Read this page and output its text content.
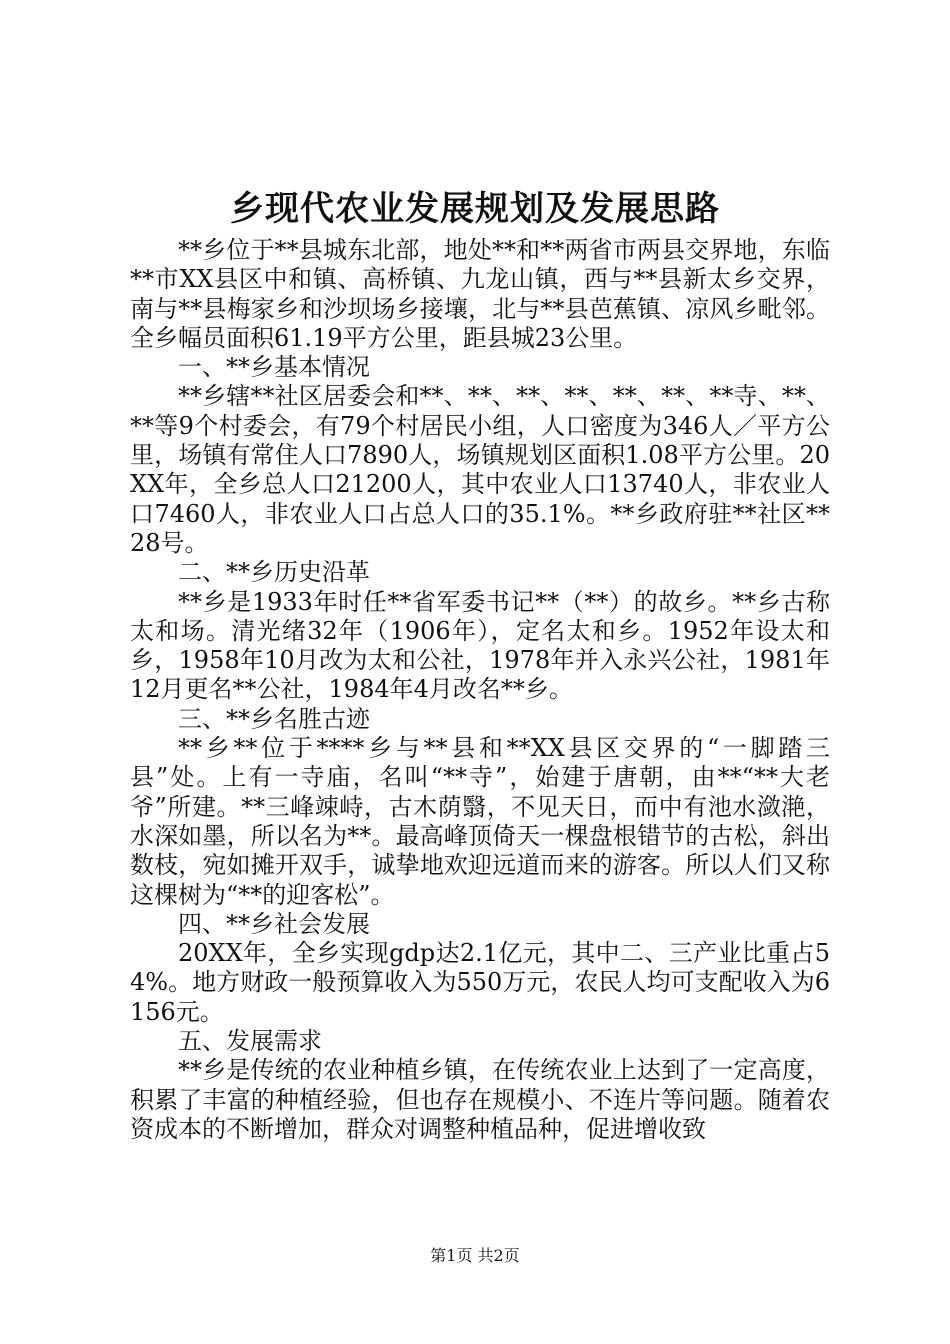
乡现代农业发展规划及发展思路

**乡位于**县城东北部，地处**和**两省市两县交界地，东临**市XX县区中和镇、高桥镇、九龙山镇，西与**县新太乡交界，南与**县梅家乡和沙坝场乡接壤，北与**县芭蕉镇、凉风乡毗邻。全乡幅员面积61.19平方公里，距县城23公里。

一、**乡基本情况

**乡辖**社区居委会和**、**、**、**、**、**、**寺、**、**等9个村委会，有79个村居民小组，人口密度为346人／平方公里，场镇有常住人口7890人，场镇规划区面积1.08平方公里。20XX年，全乡总人口21200人，其中农业人口13740人，非农业人口7460人，非农业人口占总人口的35.1%。**乡政府驻**社区**28号。

二、**乡历史沿革

**乡是1933年时任**省军委书记**（**）的故乡。**乡古称太和场。清光绪32年（1906年），定名太和乡。1952年设太和乡，1958年10月改为太和公社，1978年并入永兴公社，1981年12月更名**公社，1984年4月改名**乡。

三、**乡名胜古迹

**乡**位于****乡与**县和**XX县区交界的“一脚踏三县”处。上有一寺庙，名叫“**寺”，始建于唐朝，由**“**大老爷”所建。**三峰竦峙，古木荫翳，不见天日，而中有池水潋滟，水深如墨，所以名为**。最高峰顶倚天一棵盘根错节的古松，斜出数枝，宛如摊开双手，诚挚地欢迎远道而来的游客。所以人们又称这棵树为“**的迎客松”。

四、**乡社会发展

20XX年，全乡实现gdp达2.1亿元，其中二、三产业比重占54%。地方财政一般预算收入为550万元，农民人均可支配收入为6156元。

五、发展需求

**乡是传统的农业种植乡镇，在传统农业上达到了一定高度，积累了丰富的种植经验，但也存在规模小、不连片等问题。随着农资成本的不断增加，群众对调整种植品种，促进增收致

第1页 共2页
